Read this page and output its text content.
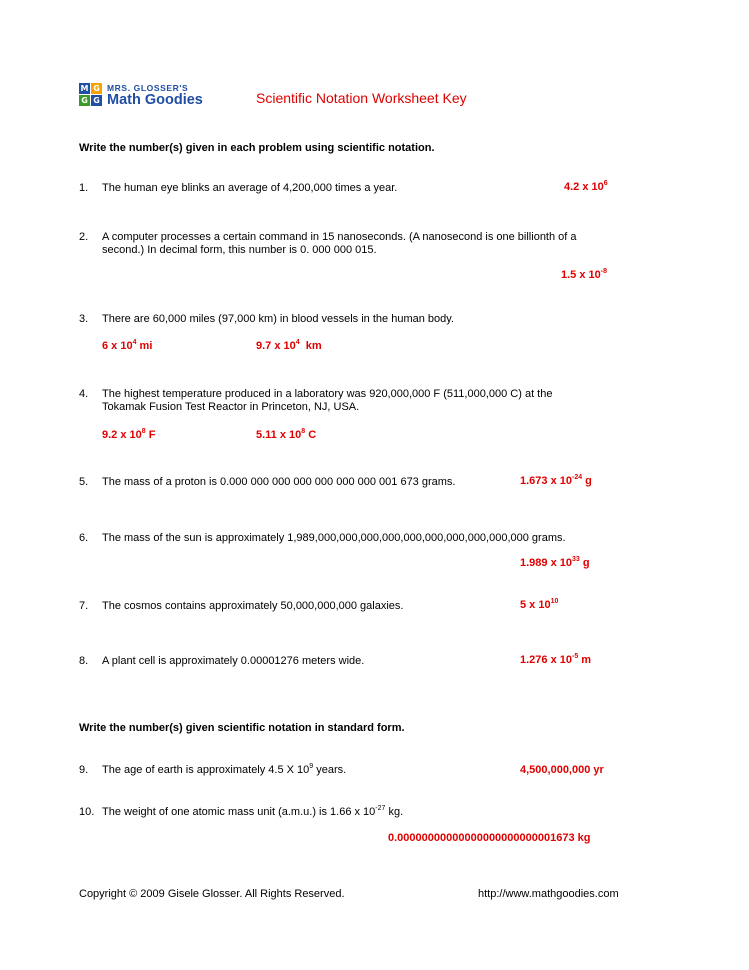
M G
G G
MRS. GLOSSER'S
Math Goodies	Scientific Notation Worksheet Key
Write the number(s) given in each problem using scientific notation.
1. The human eye blinks an average of 4,200,000 times a year.	4.2 x $10^6$
2. A computer processes a certain command in 15 nanoseconds. (A nanosecond is one billionth of a
second.) In decimal form, this number is 0. 000 000 015.
1.5 x $10^{-8}$
3. There are 60,000 miles (97,000 km) in blood vessels in the human body.
6 x $10^4$ mi	9.7 x $10^4$  km
4. The highest temperature produced in a laboratory was 920,000,000 F (511,000,000 C) at the
Tokamak Fusion Test Reactor in Princeton, NJ, USA.
9.2 x $10^8$ F	5.11 x $10^8$ C
5. The mass of a proton is 0.000 000 000 000 000 000 000 001 673 grams.	1.673 x $10^{-24}$ g
6. The mass of the sun is approximately 1,989,000,000,000,000,000,000,000,000,000,000 grams.
1.989 x $10^{33}$ g
7. The cosmos contains approximately 50,000,000,000 galaxies.	5 x $10^{10}$
8. A plant cell is approximately 0.00001276 meters wide.	1.276 x $10^{-5}$ m
Write the number(s) given scientific notation in standard form.
9. The age of earth is approximately 4.5 X $10^9$ years.	4,500,000,000 yr
10. The weight of one atomic mass unit (a.m.u.) is 1.66 x $10^{-27}$ kg.
0.00000000000000000000000001673 kg
Copyright © 2009 Gisele Glosser. All Rights Reserved.	http://www.mathgoodies.com
